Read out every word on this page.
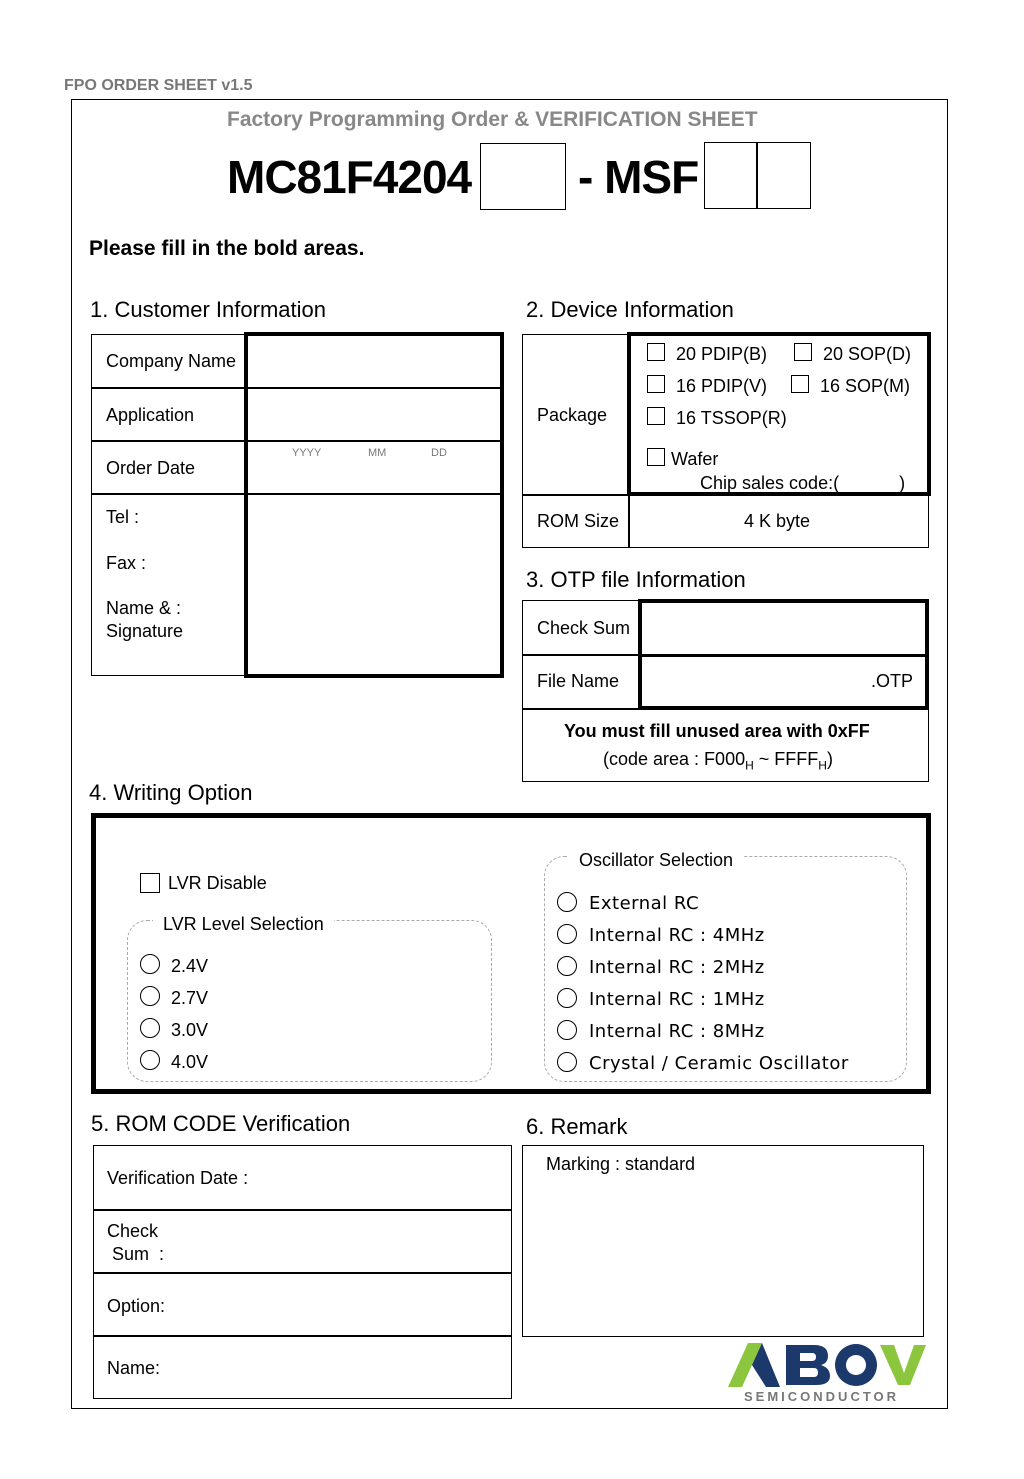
FPO ORDER SHEET v1.5
Factory Programming Order & VERIFICATION SHEET
MC81F4204 - MSF
Please fill in the bold areas.
1. Customer Information
Company Name
Application
Order Date
YYYY	MM	DD
Tel :
Fax :
Name & :
Signature
2. Device Information
Package
20 PDIP(B)	20 SOP(D)
16 PDIP(V)	16 SOP(M)
16 TSSOP(R)
Wafer
Chip sales code:(            )
ROM Size	4 K byte
3. OTP file Information
Check Sum
File Name	.OTP
You must fill unused area with 0xFF
(code area : $F000_H$ ~ $FFFF_H$)
4. Writing Option
LVR Disable
LVR Level Selection
2.4V
2.7V
3.0V
4.0V
Oscillator Selection
External RC
Internal RC : 4MHz
Internal RC : 2MHz
Internal RC : 1MHz
Internal RC : 8MHz
Crystal / Ceramic Oscillator
5. ROM CODE Verification
Verification Date :
Check
Sum  :
Option:
Name:
6. Remark
Marking : standard
SEMICONDUCTOR
